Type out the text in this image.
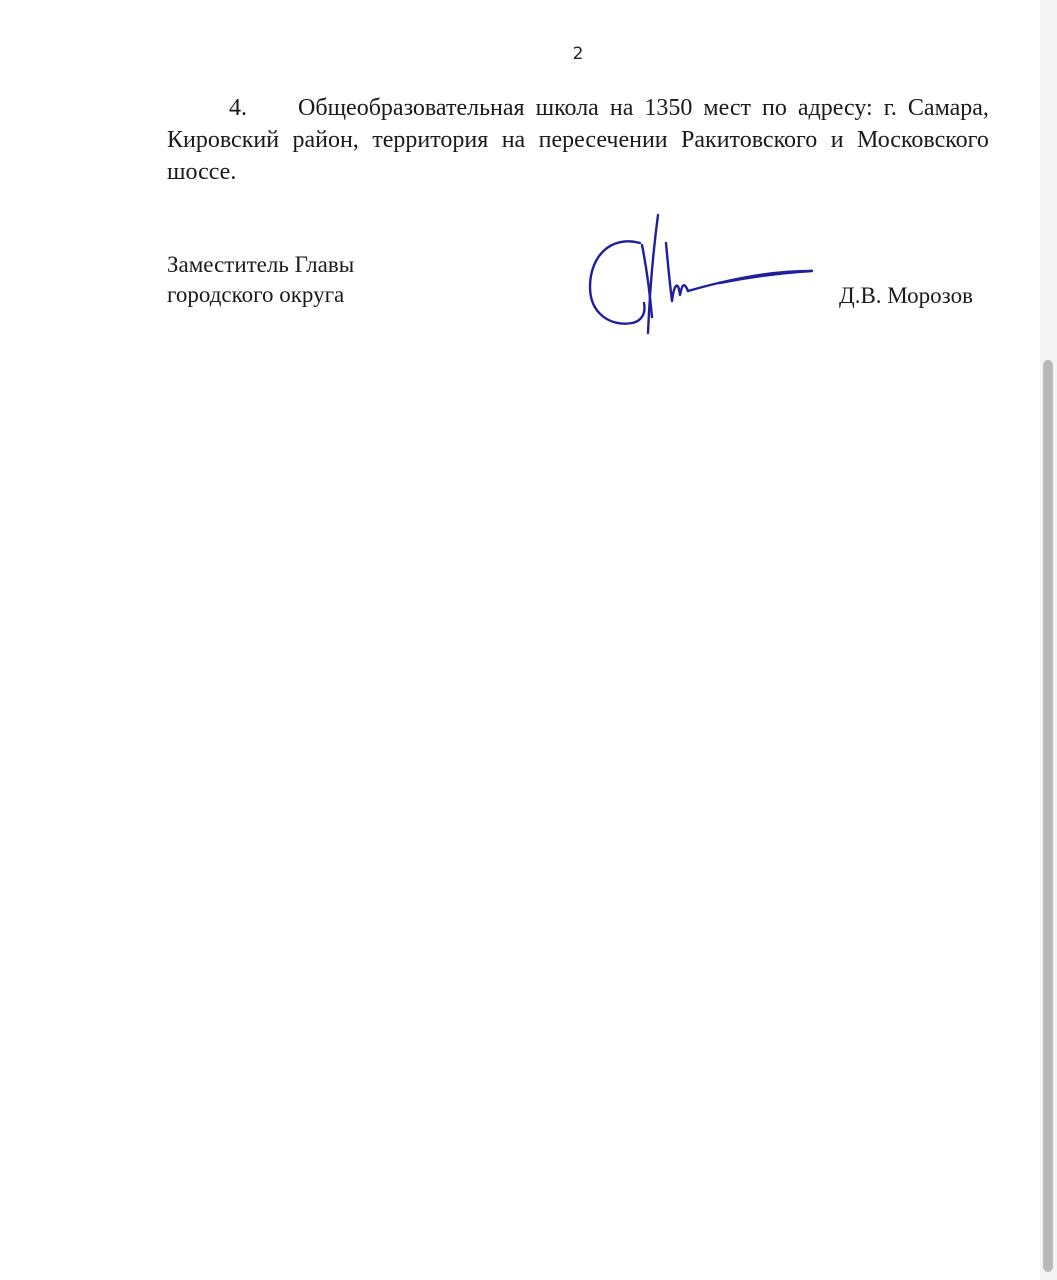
2
4.	Общеобразовательная школа на 1350 мест по адресу: г. Самара,
Кировский район, территория на пересечении Ракитовского и Московского
шоссе.
Заместитель Главы
городского округа	Д.В. Морозов
